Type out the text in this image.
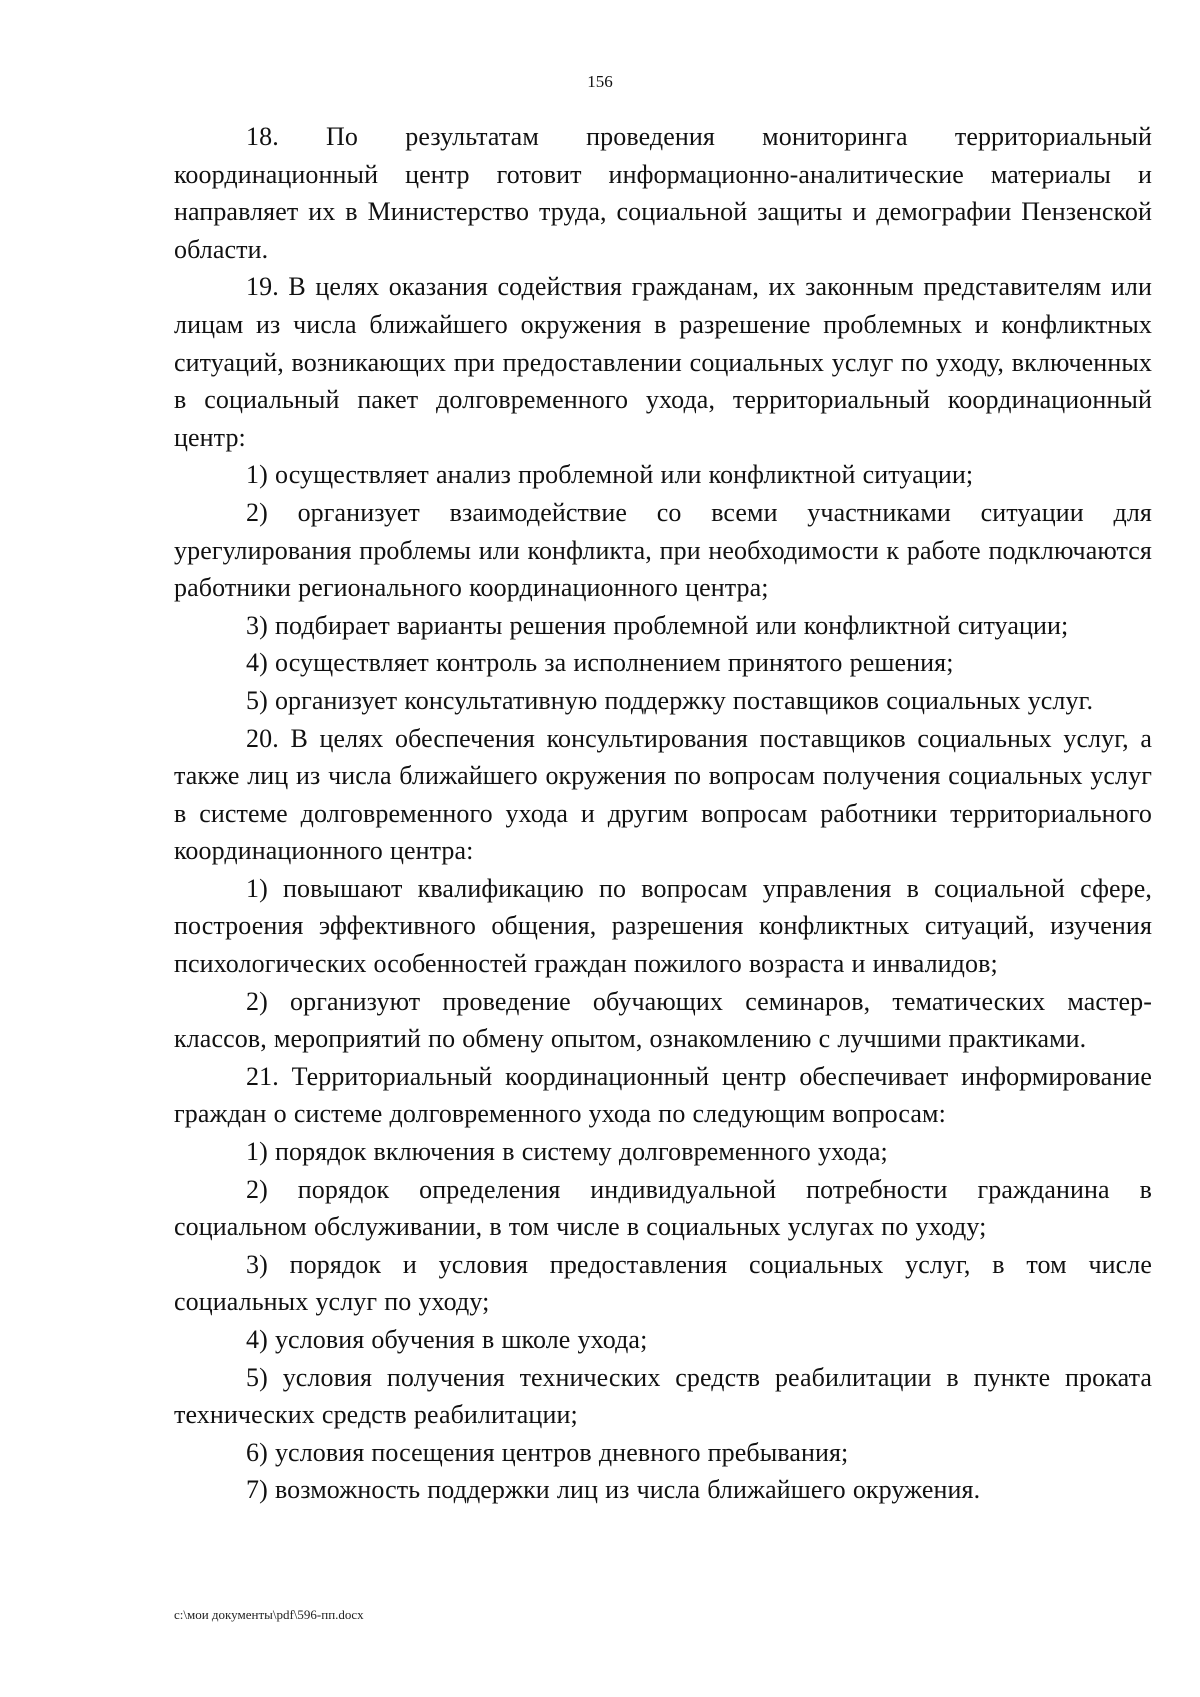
156

18. По результатам проведения мониторинга территориальный координационный центр готовит информационно-аналитические материалы и направляет их в Министерство труда, социальной защиты и демографии Пензенской области.

19. В целях оказания содействия гражданам, их законным представителям или лицам из числа ближайшего окружения в разрешение проблемных и конфликтных ситуаций, возникающих при предоставлении социальных услуг по уходу, включенных в социальный пакет долговременного ухода, территориальный координационный центр:

1) осуществляет анализ проблемной или конфликтной ситуации;

2) организует взаимодействие со всеми участниками ситуации для урегулирования проблемы или конфликта, при необходимости к работе подключаются работники регионального координационного центра;

3) подбирает варианты решения проблемной или конфликтной ситуации;

4) осуществляет контроль за исполнением принятого решения;

5) организует консультативную поддержку поставщиков социальных услуг.

20. В целях обеспечения консультирования поставщиков социальных услуг, а также лиц из числа ближайшего окружения по вопросам получения социальных услуг в системе долговременного ухода и другим вопросам работники территориального координационного центра:

1) повышают квалификацию по вопросам управления в социальной сфере, построения эффективного общения, разрешения конфликтных ситуаций, изучения психологических особенностей граждан пожилого возраста и инвалидов;

2) организуют проведение обучающих семинаров, тематических мастер-классов, мероприятий по обмену опытом, ознакомлению с лучшими практиками.

21. Территориальный координационный центр обеспечивает информирование граждан о системе долговременного ухода по следующим вопросам:

1) порядок включения в систему долговременного ухода;

2) порядок определения индивидуальной потребности гражданина в социальном обслуживании, в том числе в социальных услугах по уходу;

3) порядок и условия предоставления социальных услуг, в том числе социальных услуг по уходу;

4) условия обучения в школе ухода;

5) условия получения технических средств реабилитации в пункте проката технических средств реабилитации;

6) условия посещения центров дневного пребывания;

7) возможность поддержки лиц из числа ближайшего окружения.

c:\мои документы\pdf\596-пп.docx
